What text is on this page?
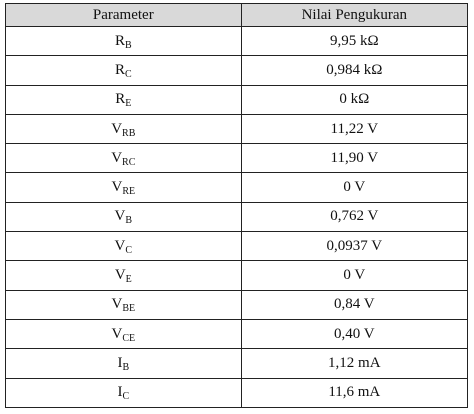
Parameter	Nilai Pengukuran
$R_B$	9,95 kΩ
$R_C$	0,984 kΩ
$R_E$	0 kΩ
$V_{RB}$	11,22 V
$V_{RC}$	11,90 V
$V_{RE}$	0 V
$V_B$	0,762 V
$V_C$	0,0937 V
$V_E$	0 V
$V_{BE}$	0,84 V
$V_{CE}$	0,40 V
$I_B$	1,12 mA
$I_C$	11,6 mA
